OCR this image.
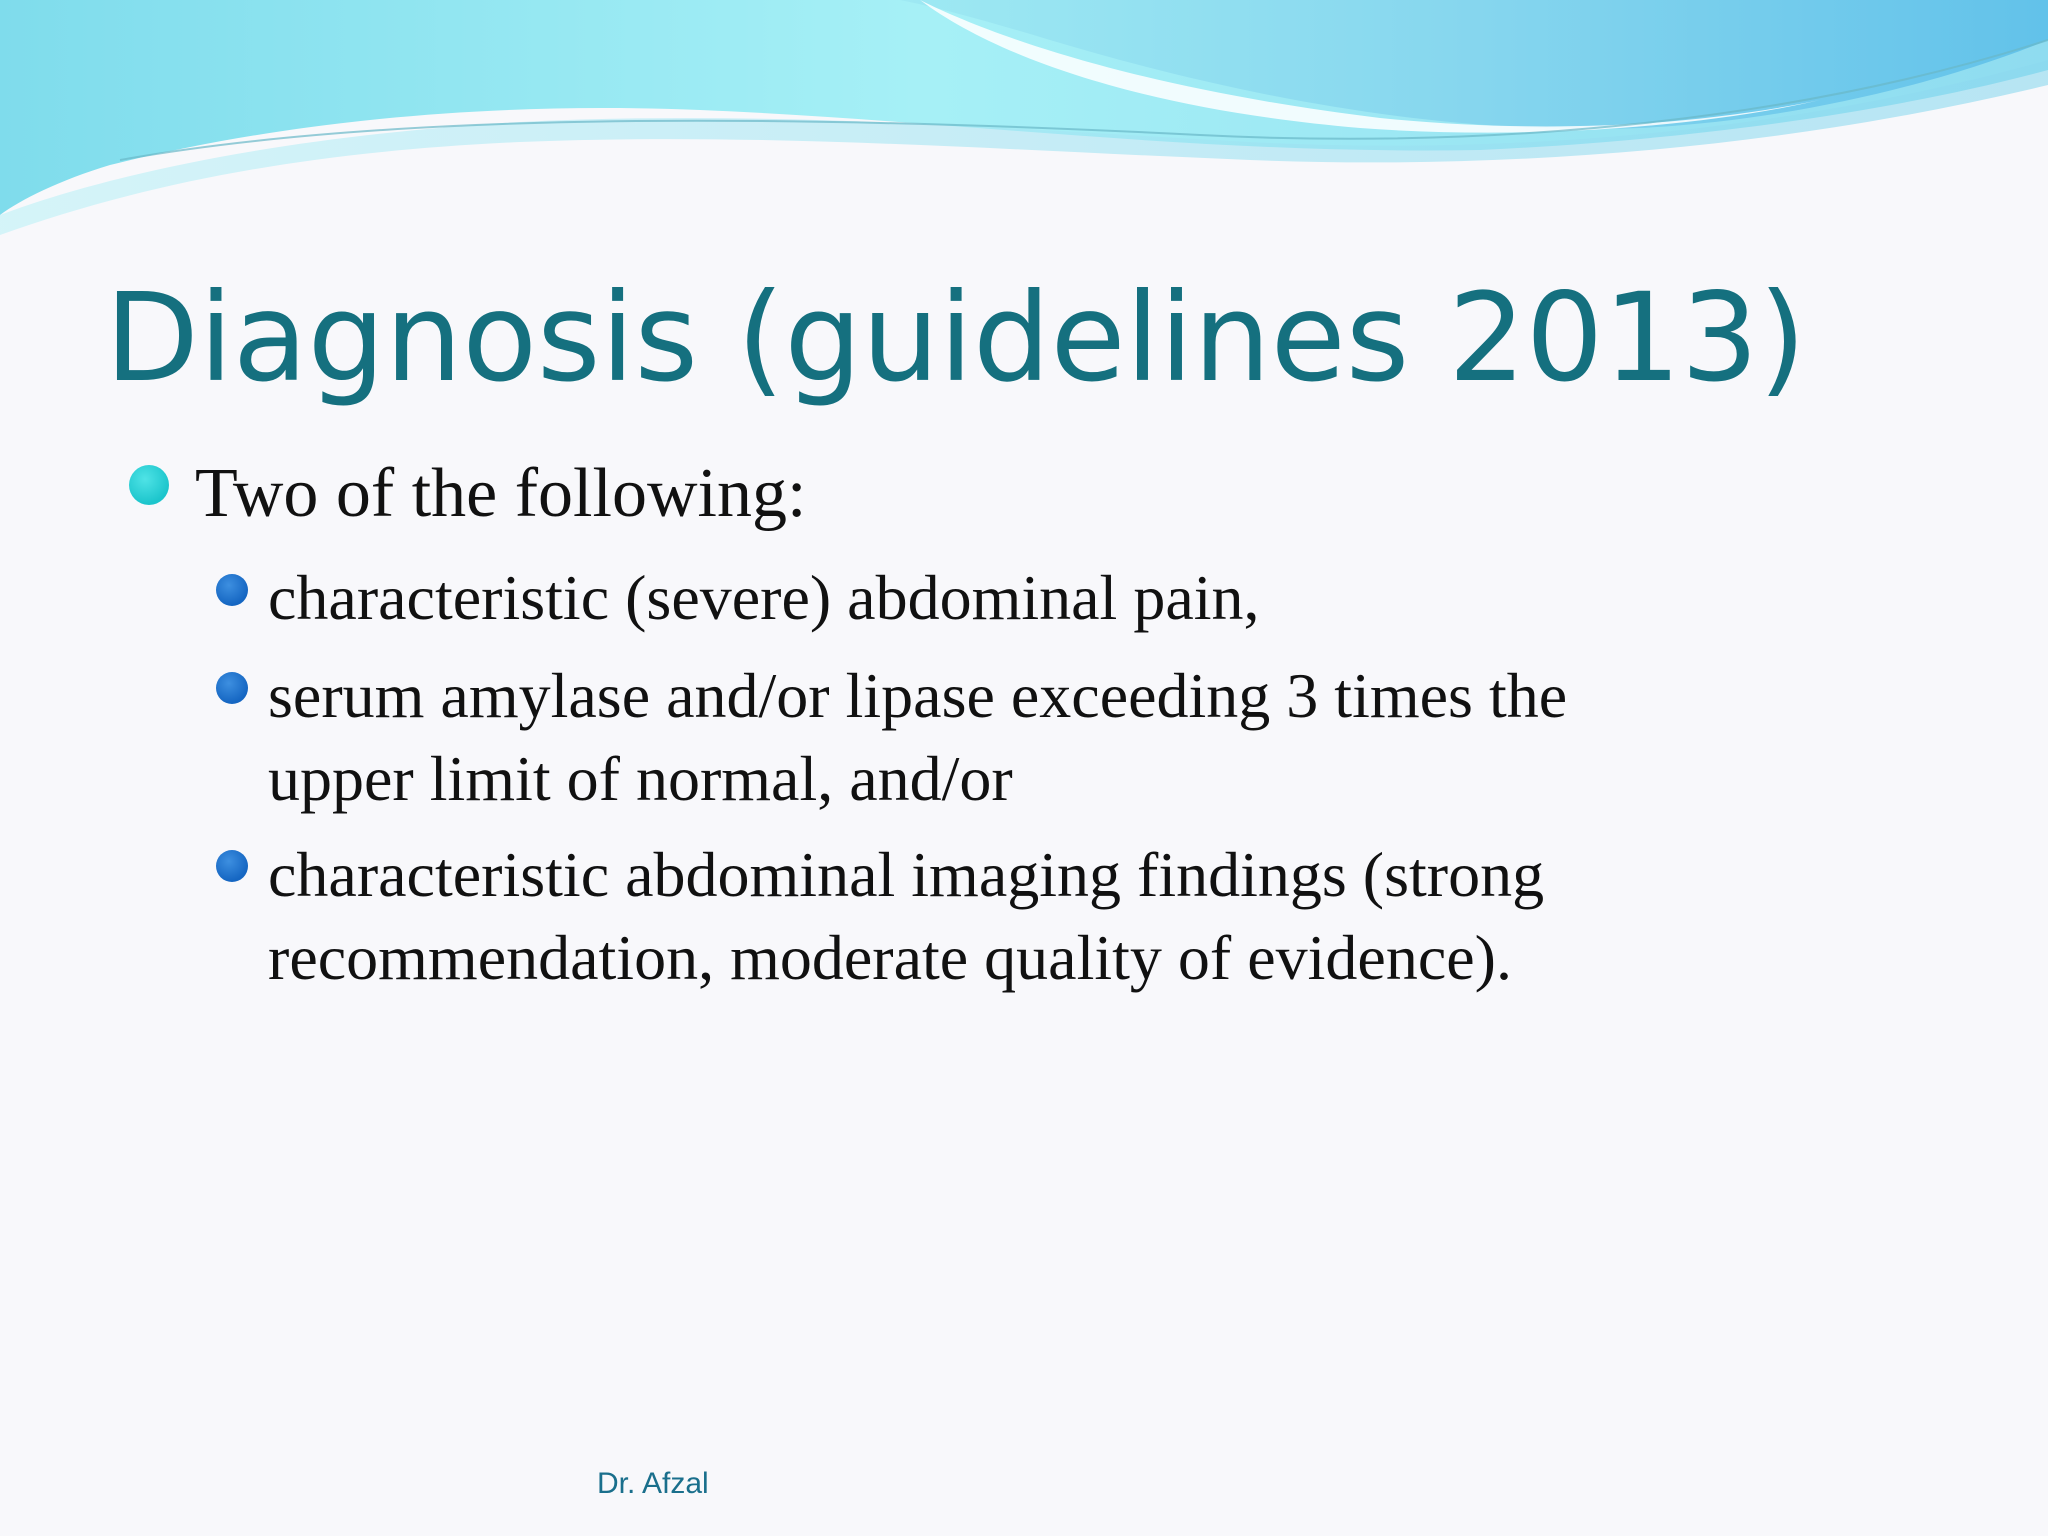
Diagnosis (guidelines 2013)
Two of the following:
characteristic (severe) abdominal pain,
serum amylase and/or lipase exceeding 3 times the
upper limit of normal, and/or
characteristic abdominal imaging findings (strong
recommendation, moderate quality of evidence).
Dr. Afzal
